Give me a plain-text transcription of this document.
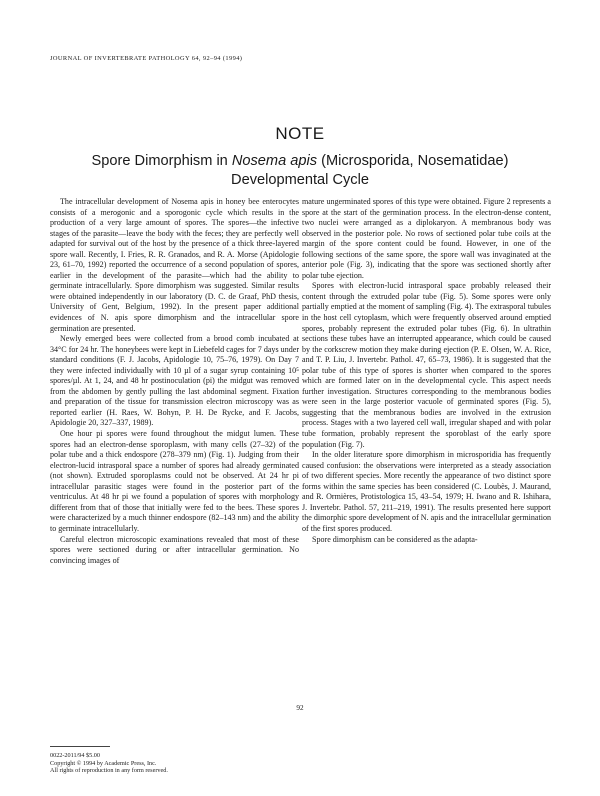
JOURNAL OF INVERTEBRATE PATHOLOGY 64, 92–94 (1994)
NOTE
Spore Dimorphism in Nosema apis (Microsporida, Nosematidae)
Developmental Cycle

The intracellular development of Nosema apis in honey bee enterocytes consists of a merogonic and a sporogonic cycle which results in the production of a very large amount of spores. The spores—the infective stages of the parasite—leave the body with the feces; they are perfectly well adapted for survival out of the host by the presence of a thick three-layered spore wall. Recently, I. Fries, R. R. Granados, and R. A. Morse (Apidologie 23, 61–70, 1992) reported the occurrence of a second population of spores, earlier in the development of the parasite—which had the ability to germinate intracellularly. Spore dimorphism was suggested. Similar results were obtained independently in our laboratory (D. C. de Graaf, PhD thesis, University of Gent, Belgium, 1992). In the present paper additional evidences of N. apis spore dimorphism and the intracellular spore germination are presented.

Newly emerged bees were collected from a brood comb incubated at 34°C for 24 hr. The honeybees were kept in Liebefeld cages for 7 days under standard conditions (F. J. Jacobs, Apidologie 10, 75–76, 1979). On Day 7 they were infected individually with 10 µl of a sugar syrup containing 10⁵ spores/µl. At 1, 24, and 48 hr postinoculation (pi) the midgut was removed from the abdomen by gently pulling the last abdominal segment. Fixation and preparation of the tissue for transmission electron microscopy was as reported earlier (H. Raes, W. Bohyn, P. H. De Rycke, and F. Jacobs, Apidologie 20, 327–337, 1989).

One hour pi spores were found throughout the midgut lumen. These spores had an electron-dense sporoplasm, with many cells (27–32) of the polar tube and a thick endospore (278–379 nm) (Fig. 1). Judging from their electron-lucid intrasporal space a number of spores had already germinated (not shown). Extruded sporoplasms could not be observed. At 24 hr pi intracellular parasitic stages were found in the posterior part of the ventriculus. At 48 hr pi we found a population of spores with morphology different from that of those that initially were fed to the bees. These spores were characterized by a much thinner endospore (82–143 nm) and the ability to germinate intracellularly.

Careful electron microscopic examinations revealed that most of these spores were sectioned during or after intracellular germination. No convincing images of

mature ungerminated spores of this type were obtained. Figure 2 represents a spore at the start of the germination process. In the electron-dense content, two nuclei were arranged as a diplokaryon. A membranous body was observed in the posterior pole. No rows of sectioned polar tube coils at the margin of the spore content could be found. However, in one of the following sections of the same spore, the spore wall was invaginated at the anterior pole (Fig. 3), indicating that the spore was sectioned shortly after polar tube ejection.

Spores with electron-lucid intrasporal space probably released their content through the extruded polar tube (Fig. 5). Some spores were only partially emptied at the moment of sampling (Fig. 4). The extrasporal tubules in the host cell cytoplasm, which were frequently observed around emptied spores, probably represent the extruded polar tubes (Fig. 6). In ultrathin sections these tubes have an interrupted appearance, which could be caused by the corkscrew motion they make during ejection (P. E. Olsen, W. A. Rice, and T. P. Liu, J. Invertebr. Pathol. 47, 65–73, 1986). It is suggested that the polar tube of this type of spores is shorter when compared to the spores which are formed later on in the developmental cycle. This aspect needs further investigation. Structures corresponding to the membranous bodies were seen in the large posterior vacuole of germinated spores (Fig. 5), suggesting that the membranous bodies are involved in the extrusion process. Stages with a two layered cell wall, irregular shaped and with polar tube formation, probably represent the sporoblast of the early spore population (Fig. 7).

In the older literature spore dimorphism in microsporidia has frequently caused confusion: the observations were interpreted as a steady association of two different species. More recently the appearance of two distinct spore forms within the same species has been considered (C. Loubès, J. Maurand, and R. Ormières, Protistologica 15, 43–54, 1979; H. Iwano and R. Ishihara, J. Invertebr. Pathol. 57, 211–219, 1991). The results presented here support the dimorphic spore development of N. apis and the intracellular germination of the first spores produced.

Spore dimorphism can be considered as the adapta-

92
0022-2011/94 $5.00
Copyright © 1994 by Academic Press, Inc.
All rights of reproduction in any form reserved.
